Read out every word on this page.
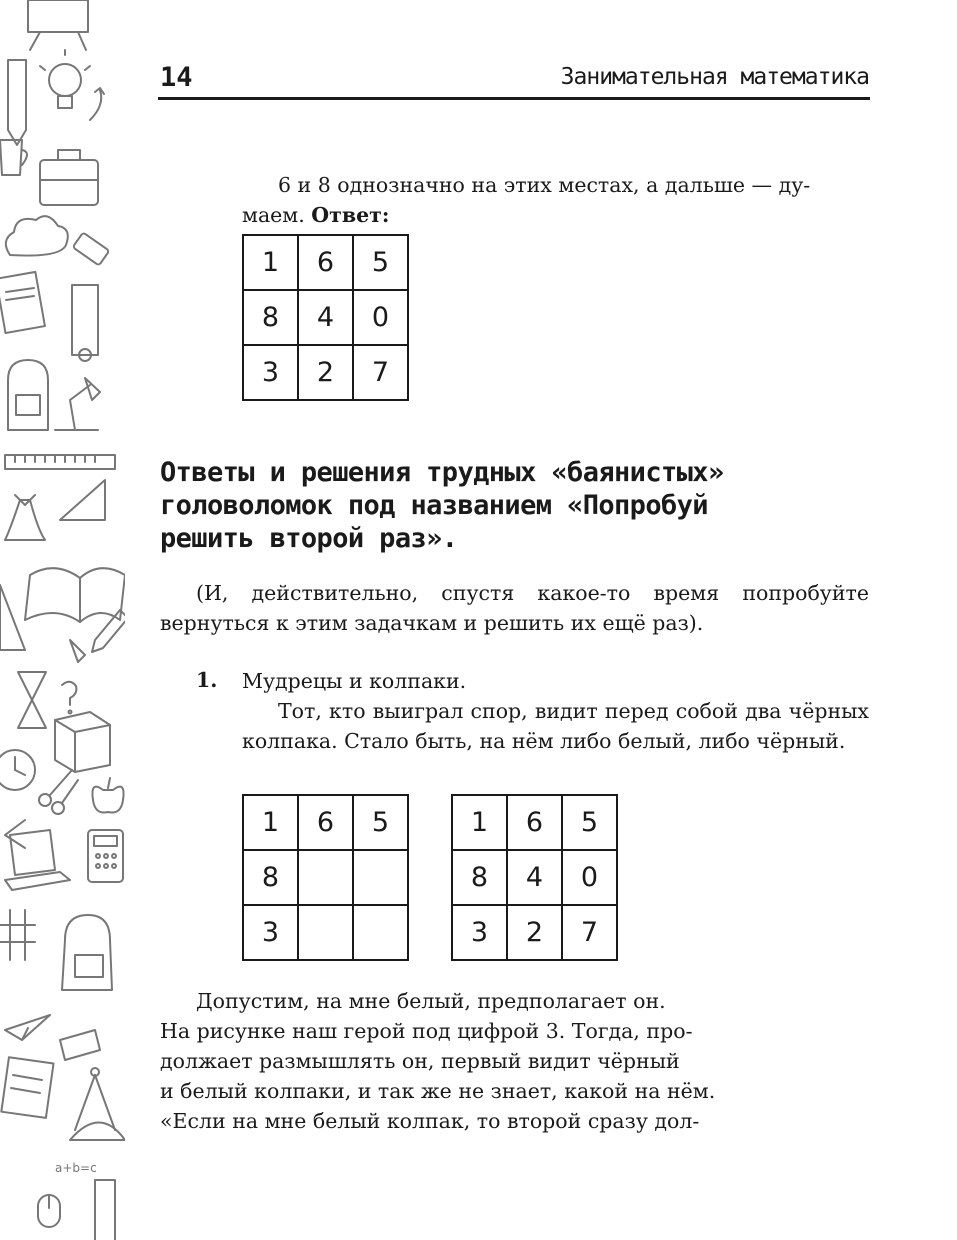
a+b=c
14	Занимательная математика
6 и 8 однозначно на этих местах, а дальше — ду-
маем. Ответ:
1	6	5
8	4	0
3	2	7
Ответы и решения трудных «баянистых»
головоломок под названием «Попробуй
решить второй раз».
(И, действительно, спустя какое-то время попробуйте вернуться к этим задачкам и решить их ещё раз).
1. Мудрецы и колпаки.
Тот, кто выиграл спор, видит перед собой два чёрных колпака. Стало быть, на нём либо белый, либо чёрный.
1	6	5
8		
3		
1	6	5
8	4	0
3	2	7
Допустим, на мне белый, предполагает он.
На рисунке наш герой под цифрой 3. Тогда, про-
должает размышлять он, первый видит чёрный
и белый колпаки, и так же не знает, какой на нём.
«Если на мне белый колпак, то второй сразу дол-
